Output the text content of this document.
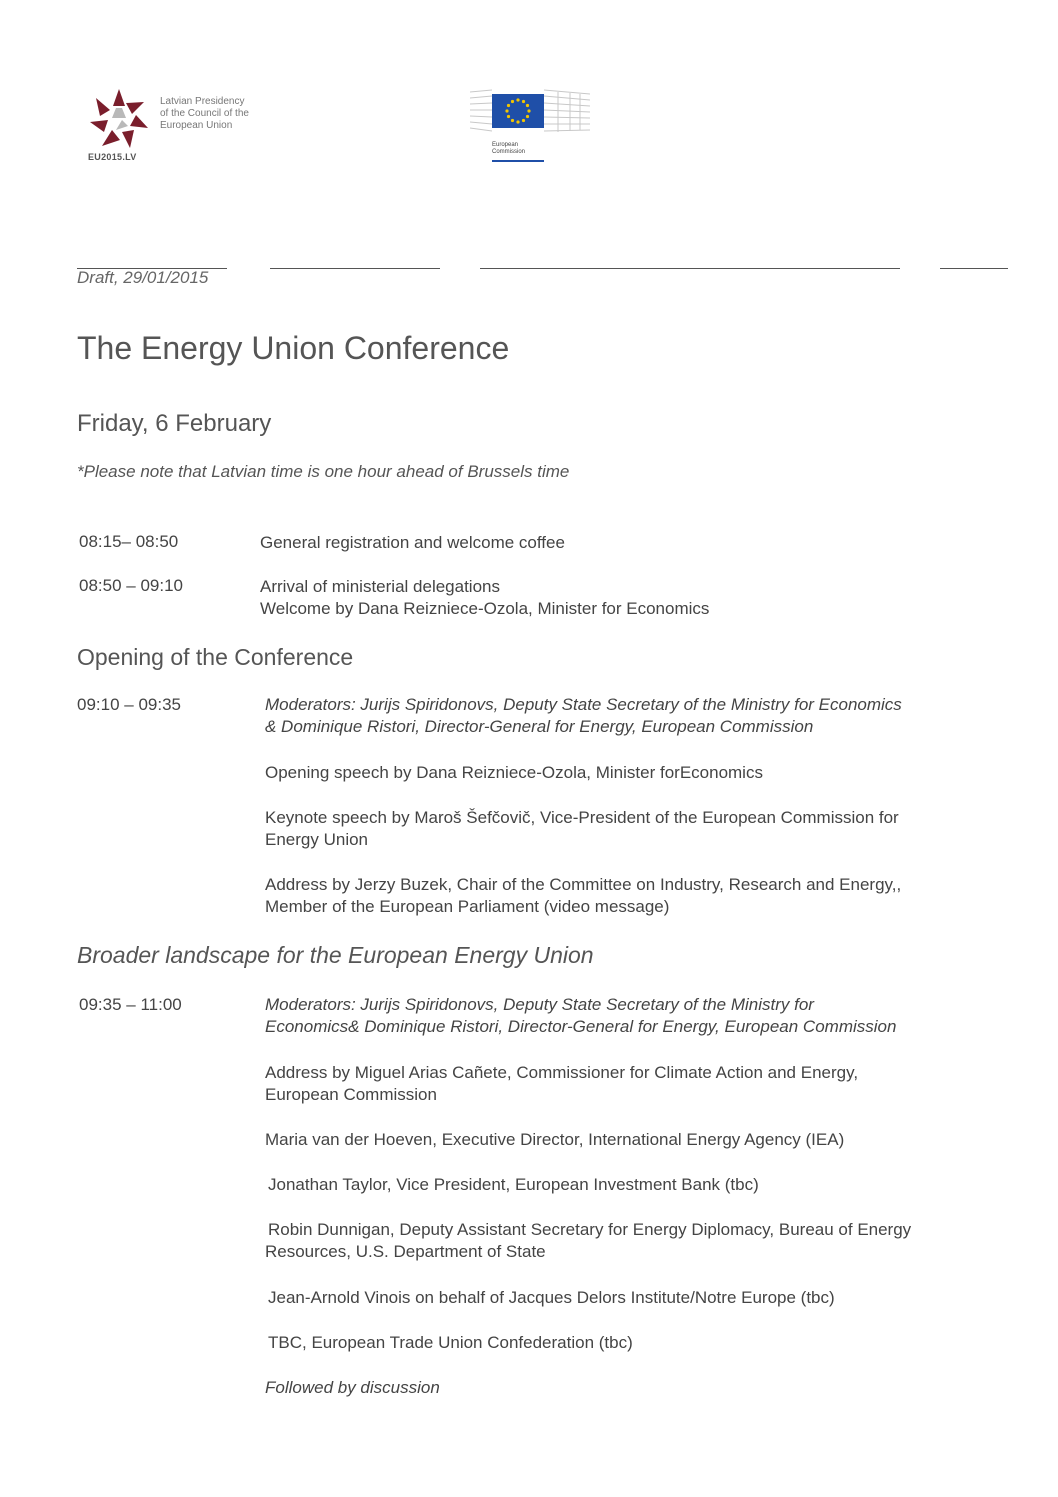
Latvian Presidency
of the Council of the
European Union
EU2015.LV
European
Commission
Draft, 29/01/2015
The Energy Union Conference
Friday, 6 February
*Please note that Latvian time is one hour ahead of Brussels time
08:15– 08:50	General registration and welcome coffee
08:50 – 09:10	Arrival of ministerial delegations
Welcome by Dana Reizniece-Ozola, Minister for Economics
Opening of the Conference
09:10 – 09:35	Moderators: Jurijs Spiridonovs, Deputy State Secretary of the Ministry for Economics
& Dominique Ristori, Director-General for Energy, European Commission
Opening speech by Dana Reizniece-Ozola, Minister forEconomics
Keynote speech by Maroš Šefčovič, Vice-President of the European Commission for
Energy Union
Address by Jerzy Buzek, Chair of the Committee on Industry, Research and Energy,,
Member of the European Parliament (video message)
Broader landscape for the European Energy Union
09:35 – 11:00	Moderators: Jurijs Spiridonovs, Deputy State Secretary of the Ministry for
Economics& Dominique Ristori, Director-General for Energy, European Commission
Address by Miguel Arias Cañete, Commissioner for Climate Action and Energy,
European Commission
Maria van der Hoeven, Executive Director, International Energy Agency (IEA)
Jonathan Taylor, Vice President, European Investment Bank (tbc)
Robin Dunnigan, Deputy Assistant Secretary for Energy Diplomacy, Bureau of Energy
Resources, U.S. Department of State
Jean-Arnold Vinois on behalf of Jacques Delors Institute/Notre Europe (tbc)
TBC, European Trade Union Confederation (tbc)
Followed by discussion
